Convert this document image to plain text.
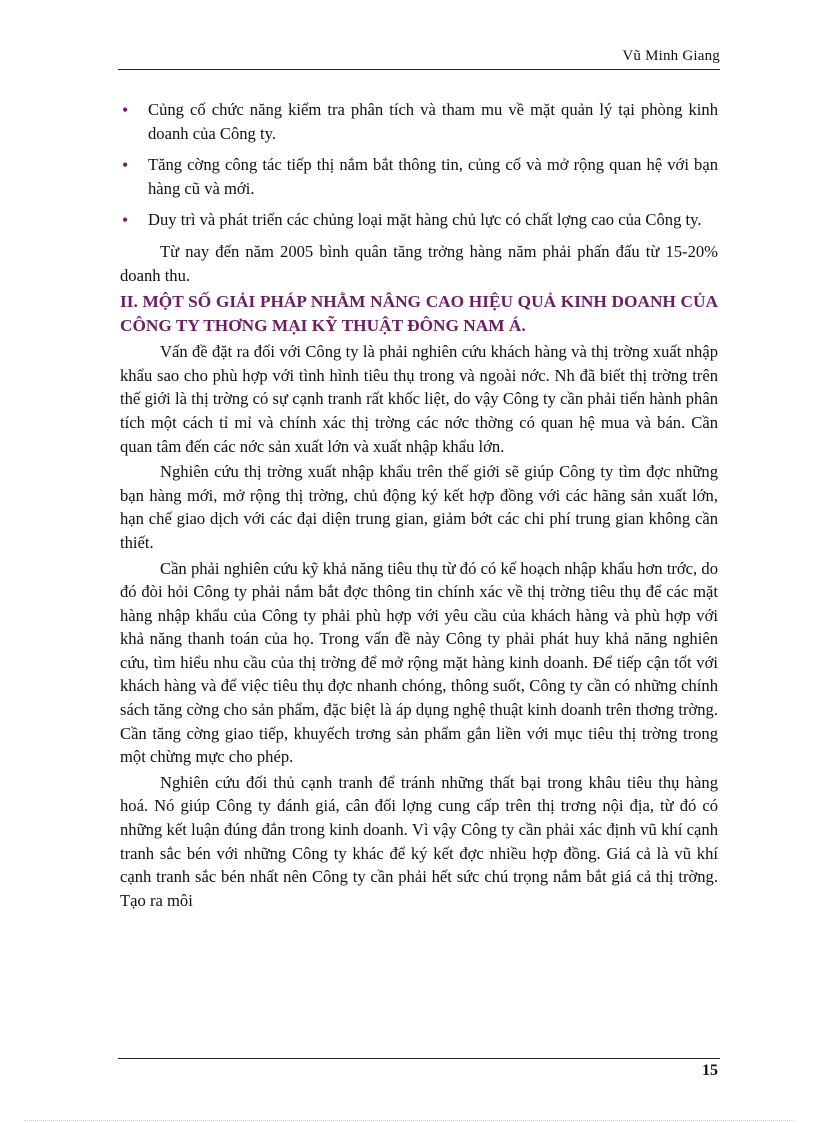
Vũ Minh Giang
• Củng cố chức năng kiểm tra phân tích và tham mu về mặt quản lý tại phòng kinh doanh của Công ty.
• Tăng cờng công tác tiếp thị nắm bắt thông tin, củng cố và mở rộng quan hệ với bạn hàng cũ và mới.
• Duy trì và phát triển các chủng loại mặt hàng chủ lực có chất lợng cao của Công ty.

Từ nay đến năm 2005 bình quân tăng trởng hàng năm phải phấn đấu từ 15-20% doanh thu.

II. MỘT SỐ GIẢI PHÁP NHẰM NÂNG CAO HIỆU QUẢ KINH DOANH CỦA CÔNG TY THƠNG MẠI KỸ THUẬT ĐÔNG NAM Á.

Vấn đề đặt ra đối với Công ty là phải nghiên cứu khách hàng và thị trờng xuất nhập khẩu sao cho phù hợp với tình hình tiêu thụ trong và ngoài nớc. Nh đã biết thị trờng trên thế giới là thị trờng có sự cạnh tranh rất khốc liệt, do vậy Công ty cần phải tiến hành phân tích một cách tỉ mỉ và chính xác thị trờng các nớc thờng có quan hệ mua và bán. Cần quan tâm đến các nớc sản xuất lớn và xuất nhập khẩu lớn.

Nghiên cứu thị trờng xuất nhập khẩu trên thế giới sẽ giúp Công ty tìm đợc những bạn hàng mới, mở rộng thị trờng, chủ động ký kết hợp đồng với các hãng sản xuất lớn, hạn chế giao dịch với các đại diện trung gian, giảm bớt các chi phí trung gian không cần thiết.

Cần phải nghiên cứu kỹ khả năng tiêu thụ từ đó có kế hoạch nhập khẩu hơn trớc, do đó đòi hỏi Công ty phải nắm bắt đợc thông tin chính xác về thị trờng tiêu thụ để các mặt hàng nhập khẩu của Công ty phải phù hợp với yêu cầu của khách hàng và phù hợp với khả năng thanh toán của họ. Trong vấn đề này Công ty phải phát huy khả năng nghiên cứu, tìm hiểu nhu cầu của thị trờng để mở rộng mặt hàng kinh doanh. Để tiếp cận tốt với khách hàng và để việc tiêu thụ đợc nhanh chóng, thông suốt, Công ty cần có những chính sách tăng cờng cho sản phẩm, đặc biệt là áp dụng nghệ thuật kinh doanh trên thơng trờng. Cần tăng cờng giao tiếp, khuyếch trơng sản phẩm gắn liền với mục tiêu thị trờng trong một chừng mực cho phép.

Nghiên cứu đối thủ cạnh tranh để tránh những thất bại trong khâu tiêu thụ hàng hoá. Nó giúp Công ty đánh giá, cân đối lợng cung cấp trên thị trơng nội địa, từ đó có những kết luận đúng đắn trong kinh doanh. Vì vậy Công ty cần phải xác định vũ khí cạnh tranh sắc bén với những Công ty khác để ký kết đợc nhiều hợp đồng. Giá cả là vũ khí cạnh tranh sắc bén nhất nên Công ty cần phải hết sức chú trọng nắm bắt giá cả thị trờng. Tạo ra môi

15
